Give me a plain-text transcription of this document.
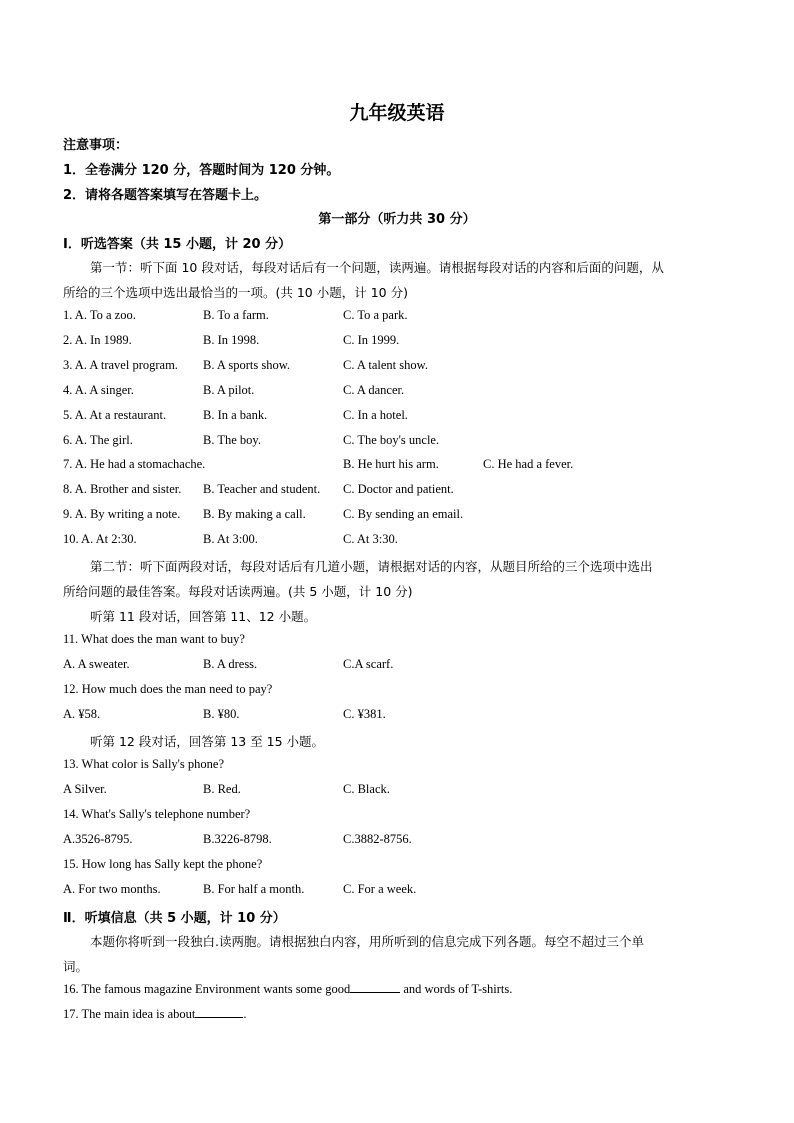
九年级英语
注意事项：
1．全卷满分 120 分，答题时间为 120 分钟。
2．请将各题答案填写在答题卡上。
第一部分（听力共 30 分）
Ⅰ．听选答案（共 15 小题，计 20 分）
第一节：听下面 10 段对话，每段对话后有一个问题，读两遍。请根据每段对话的内容和后面的问题，从
所给的三个选项中选出最恰当的一项。(共 10 小题，计 10 分)
1. A. To a zoo.	B. To a farm.	C. To a park.
2. A. In 1989.	B. In 1998.	C. In 1999.
3. A. A travel program. B. A sports show.	C. A talent show.
4. A. A singer.	B. A pilot.	C. A dancer.
5. A. At a restaurant.	B. In a bank.	C. In a hotel.
6. A. The girl.	B. The boy.	C. The boy's uncle.
7. A. He had a stomachache.	B. He hurt his arm.	C. He had a fever.
8. A. Brother and sister. B. Teacher and student. C. Doctor and patient.
9. A. By writing a note. B. By making a call.	C. By sending an email.
10. A. At 2:30.	B. At 3:00.	C. At 3:30.
第二节：听下面两段对话，每段对话后有几道小题，请根据对话的内容，从题目所给的三个选项中选出
所给问题的最佳答案。每段对话读两遍。(共 5 小题，计 10 分)
听第 11 段对话，回答第 11、12 小题。
11. What does the man want to buy?
A. A sweater.	B. A dress.	C.A scarf.
12. How much does the man need to pay?
A. ¥58.	B. ¥80.	C. ¥381.
听第 12 段对话，回答第 13 至 15 小题。
13. What color is Sally's phone?
A Silver.	B. Red.	C. Black.
14. What's Sally's telephone number?
A.3526-8795.	B.3226-8798.	C.3882-8756.
15. How long has Sally kept the phone?
A. For two months.	B. For half a month.	C. For a week.
Ⅱ．听填信息（共 5 小题，计 10 分）
本题你将听到一段独白.读两胞。请根据独白内容，用所听到的信息完成下列各题。每空不超过三个单
词。
16. The famous magazine Environment wants some good	and words of T-shirts.
17. The main idea is about	.
